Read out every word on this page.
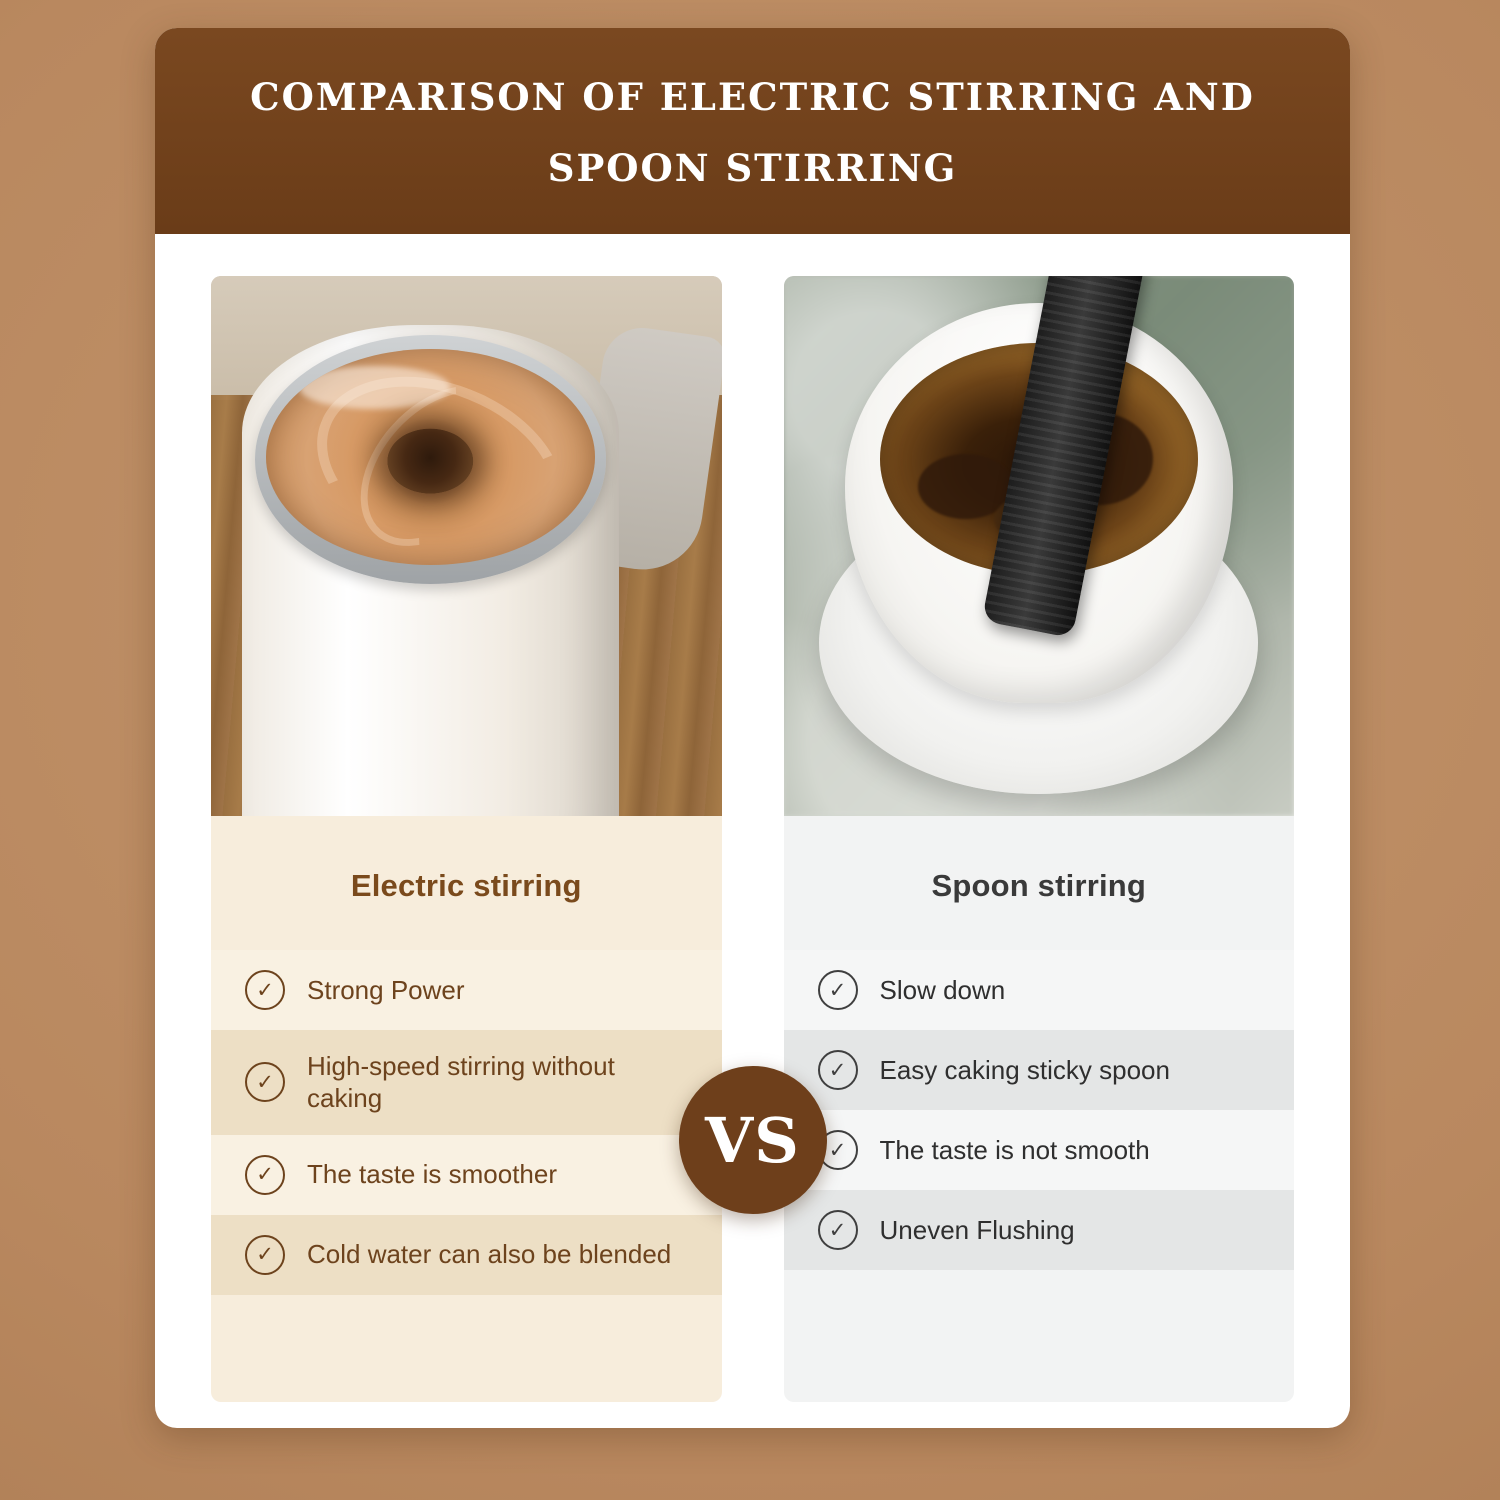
COMPARISON OF ELECTRIC STIRRING AND SPOON STIRRING
VS
Electric stirring
✓	Strong Power
✓
High-speed stirring without caking
✓	The taste is smoother
✓	Cold water can also be blended
Spoon stirring
✓	Slow down
✓	Easy caking sticky spoon
✓	The taste is not smooth
✓	Uneven Flushing
